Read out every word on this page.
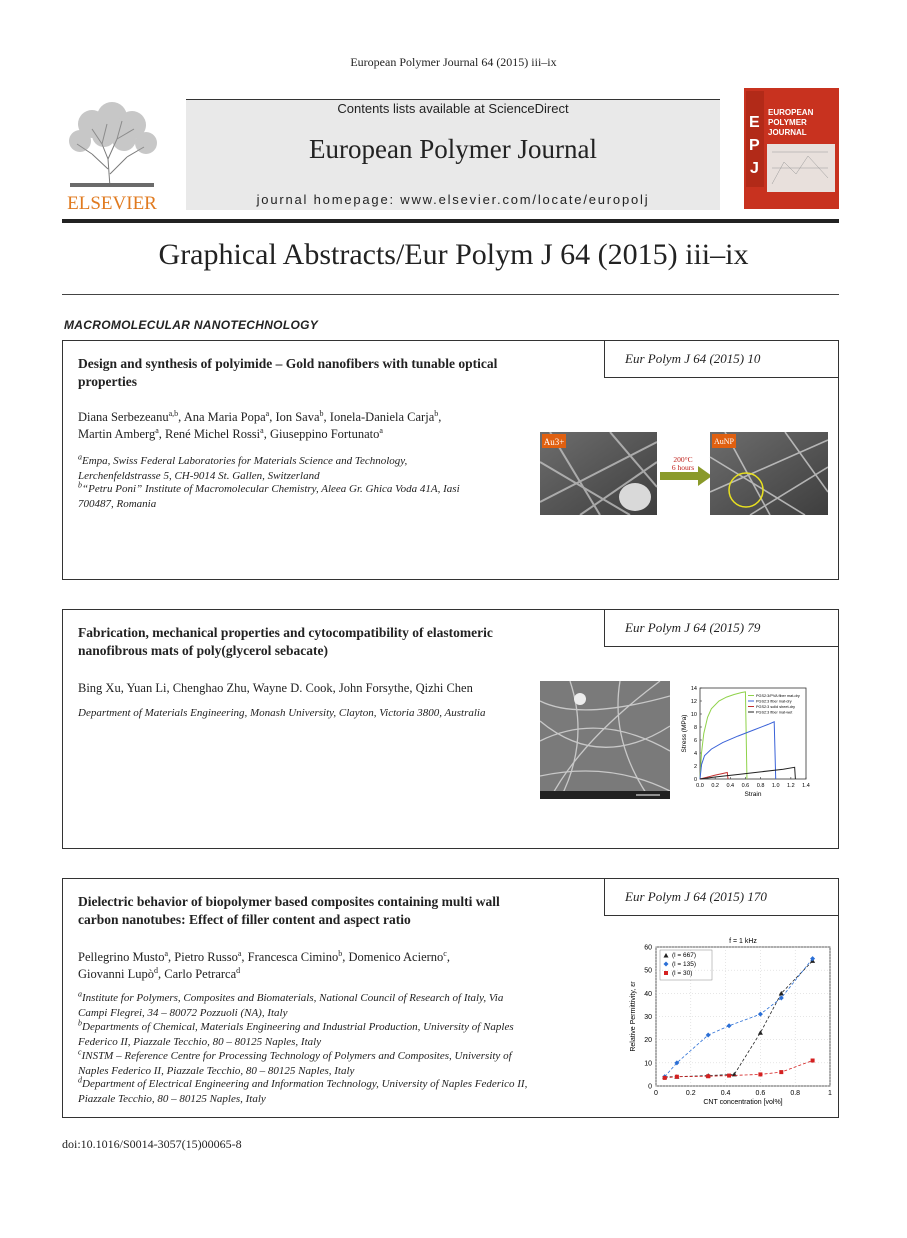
European Polymer Journal 64 (2015) iii–ix
ELSEVIER
Contents lists available at ScienceDirect
European Polymer Journal
journal homepage: www.elsevier.com/locate/europolj
E
P
J
EUROPEAN
POLYMER
JOURNAL
Graphical Abstracts/Eur Polym J 64 (2015) iii–ix
MACROMOLECULAR NANOTECHNOLOGY
Design and synthesis of polyimide – Gold nanofibers with tunable optical properties
Eur Polym J 64 (2015) 10
Diana Serbezeanu$^{a,b}$, Ana Maria Popa$^a$, Ion Sava$^b$, Ionela-Daniela Carja$^b$,
Martin Amberg$^a$, René Michel Rossi$^a$, Giuseppino Fortunato$^a$
$^a$Empa, Swiss Federal Laboratories for Materials Science and Technology, Lerchenfeldstrasse 5, CH-9014 St. Gallen, Switzerland
$^b$“Petru Poni” Institute of Macromolecular Chemistry, Aleea Gr. Ghica Voda 41A, Iasi 700487, Romania
Au3+
200°C
6 hours
AuNP
Fabrication, mechanical properties and cytocompatibility of elastomeric nanofibrous mats of poly(glycerol sebacate)
Eur Polym J 64 (2015) 79
Bing Xu, Yuan Li, Chenghao Zhu, Wayne D. Cook, John Forsythe, Qizhi Chen
Department of Materials Engineering, Monash University, Clayton, Victoria 3800, Australia
0
2
4
6
8
10
12
14
0.0 0.2 0.4 0.6 0.8 1.0 1.2 1.4
Strain
Stress (MPa)
PGS2:3/PVA fiber mat-dry
PGS2:3 fiber mat-dry
PGS2:3 solid sheet-dry
PGS2:3 fiber mat-wet
Dielectric behavior of biopolymer based composites containing multi wall carbon nanotubes: Effect of filler content and aspect ratio
Eur Polym J 64 (2015) 170
Pellegrino Musto$^a$, Pietro Russo$^a$, Francesca Cimino$^b$, Domenico Acierno$^c$,
Giovanni Lupò$^d$, Carlo Petrarca$^d$
$^a$Institute for Polymers, Composites and Biomaterials, National Council of Research of Italy, Via Campi Flegrei, 34 – 80072 Pozzuoli (NA), Italy
$^b$Departments of Chemical, Materials Engineering and Industrial Production, University of Naples Federico II, Piazzale Tecchio, 80 – 80125 Naples, Italy
$^c$INSTM – Reference Centre for Processing Technology of Polymers and Composites, University of Naples Federico II, Piazzale Tecchio, 80 – 80125 Naples, Italy
$^d$Department of Electrical Engineering and Information Technology, University of Naples Federico II, Piazzale Tecchio, 80 – 80125 Naples, Italy
0
10
20
30
40
50
60
0	0.2	0.4	0.6	0.8	1
f = 1 kHz
CNT concentration [vol%]
Relative Permittivity, εr
(l = 667)
(l = 135)
(l = 30)
doi:10.1016/S0014-3057(15)00065-8
